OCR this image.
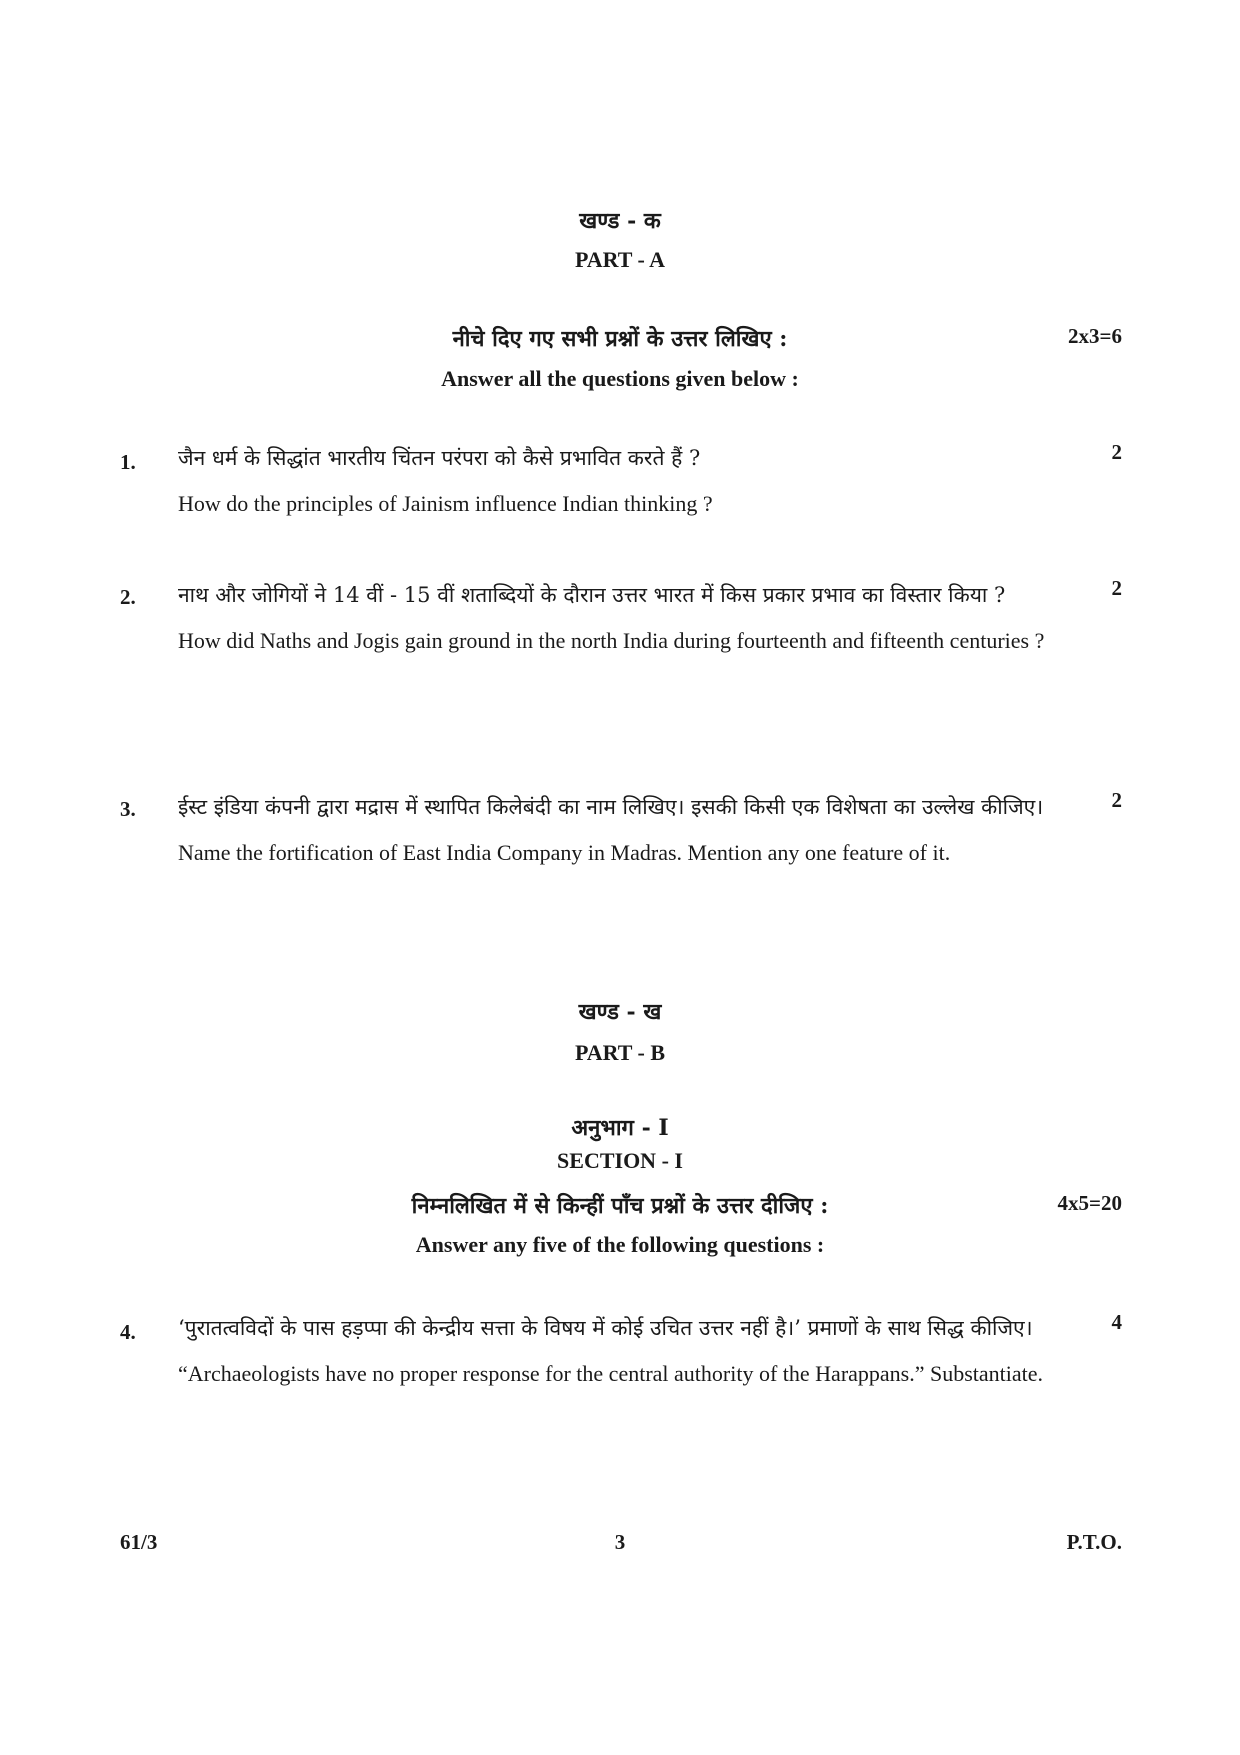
खण्ड - क
PART - A
नीचे दिए गए सभी प्रश्नों के उत्तर लिखिए :	2x3=6
Answer all the questions given below :
1.	2
जैन धर्म के सिद्धांत भारतीय चिंतन परंपरा को कैसे प्रभावित करते हैं ?
How do the principles of Jainism influence Indian thinking ?
2.	2
नाथ और जोगियों ने 14 वीं - 15 वीं शताब्दियों के दौरान उत्तर भारत में किस प्रकार प्रभाव का विस्तार किया ?
How did Naths and Jogis gain ground in the north India during fourteenth and fifteenth centuries ?
3.	2
ईस्ट इंडिया कंपनी द्वारा मद्रास में स्थापित किलेबंदी का नाम लिखिए। इसकी किसी एक विशेषता का उल्लेख कीजिए।
Name the fortification of East India Company in Madras. Mention any one feature of it.
खण्ड - ख
PART - B
अनुभाग - I
SECTION - I
निम्नलिखित में से किन्हीं पाँच प्रश्नों के उत्तर दीजिए :	4x5=20
Answer any five of the following questions :
4.	4
‘पुरातत्वविदों के पास हड़प्पा की केन्द्रीय सत्ता के विषय में कोई उचित उत्तर नहीं है।’ प्रमाणों के साथ सिद्ध कीजिए।
“Archaeologists have no proper response for the central authority of the Harappans.” Substantiate.
61/3	3	P.T.O.
